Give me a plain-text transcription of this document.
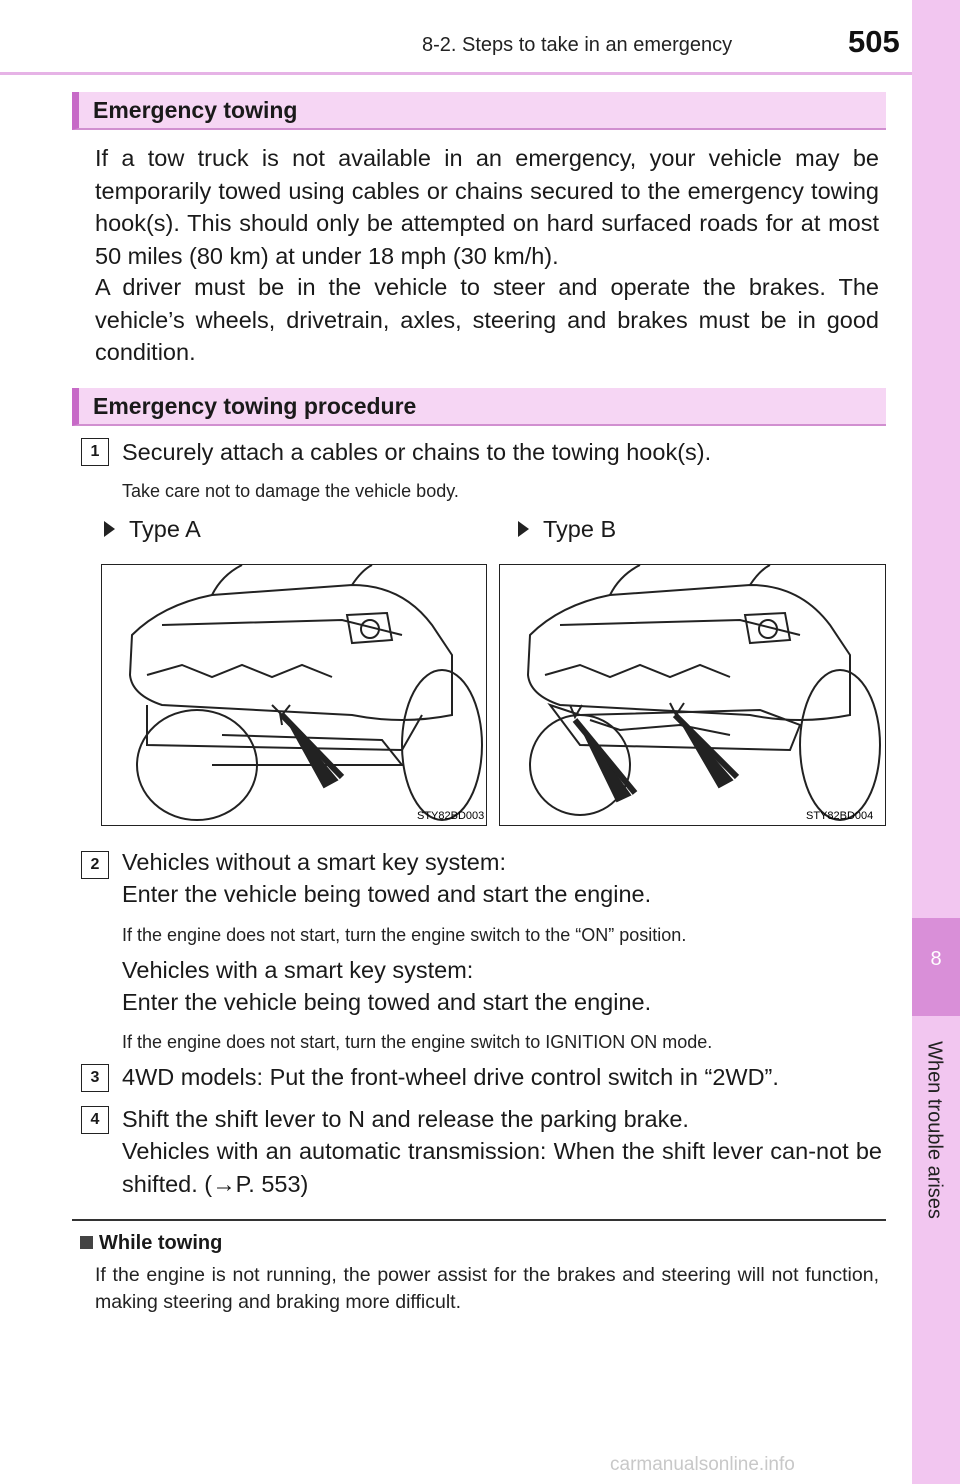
8-2. Steps to take in an emergency	505
8
When trouble arises
Emergency towing
If a tow truck is not available in an emergency, your vehicle may be temporarily towed using cables or chains secured to the emergency towing hook(s). This should only be attempted on hard surfaced roads for at most 50 miles (80 km) at under 18 mph (30 km/h).
A driver must be in the vehicle to steer and operate the brakes. The vehicle’s wheels, drivetrain, axles, steering and brakes must be in good condition.
Emergency towing procedure
1 Securely attach a cables or chains to the towing hook(s).
Take care not to damage the vehicle body.
Type A	Type B
STY82BD003	STY82BD004
2 Vehicles without a smart key system:
Enter the vehicle being towed and start the engine.
If the engine does not start, turn the engine switch to the “ON” position.
Vehicles with a smart key system:
Enter the vehicle being towed and start the engine.
If the engine does not start, turn the engine switch to IGNITION ON mode.
3 4WD models: Put the front-wheel drive control switch in “2WD”.
4 Shift the shift lever to N and release the parking brake.
Vehicles with an automatic transmission: When the shift lever can-not be shifted. (→P. 553)
While towing
If the engine is not running, the power assist for the brakes and steering will not function, making steering and braking more difficult.
carmanualsonline.info
